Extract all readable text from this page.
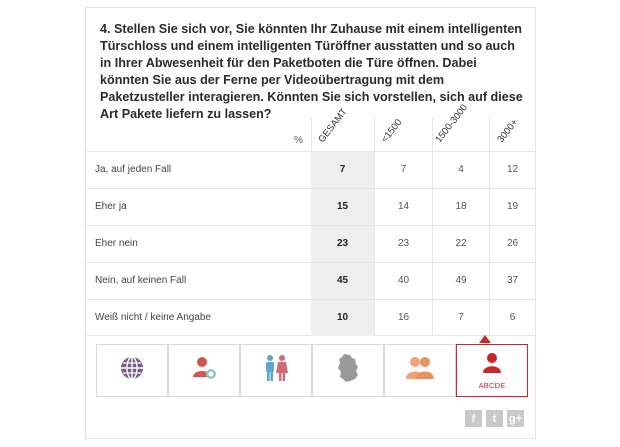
4. Stellen Sie sich vor, Sie könnten Ihr Zuhause mit einem intelligenten Türschloss und einem intelligenten Türöffner ausstatten und so auch in Ihrer Abwesenheit für den Paketboten die Türe öffnen. Dabei könnten Sie aus der Ferne per Videoübertragung mit dem Paketzusteller interagieren. Könnten Sie sich vorstellen, sich auf diese Art Pakete liefern zu lassen?
% GESAMT	<1500	1500-3000	3000+
Ja, auf jeden Fall	7	7	4	12
Eher ja	15	14	18	19
Eher nein	23	23	22	26
Nein, auf keinen Fall	45	40	49	37
Weiß nicht / keine Angabe	10	16	7	6
ABCDE
f	t	g+
